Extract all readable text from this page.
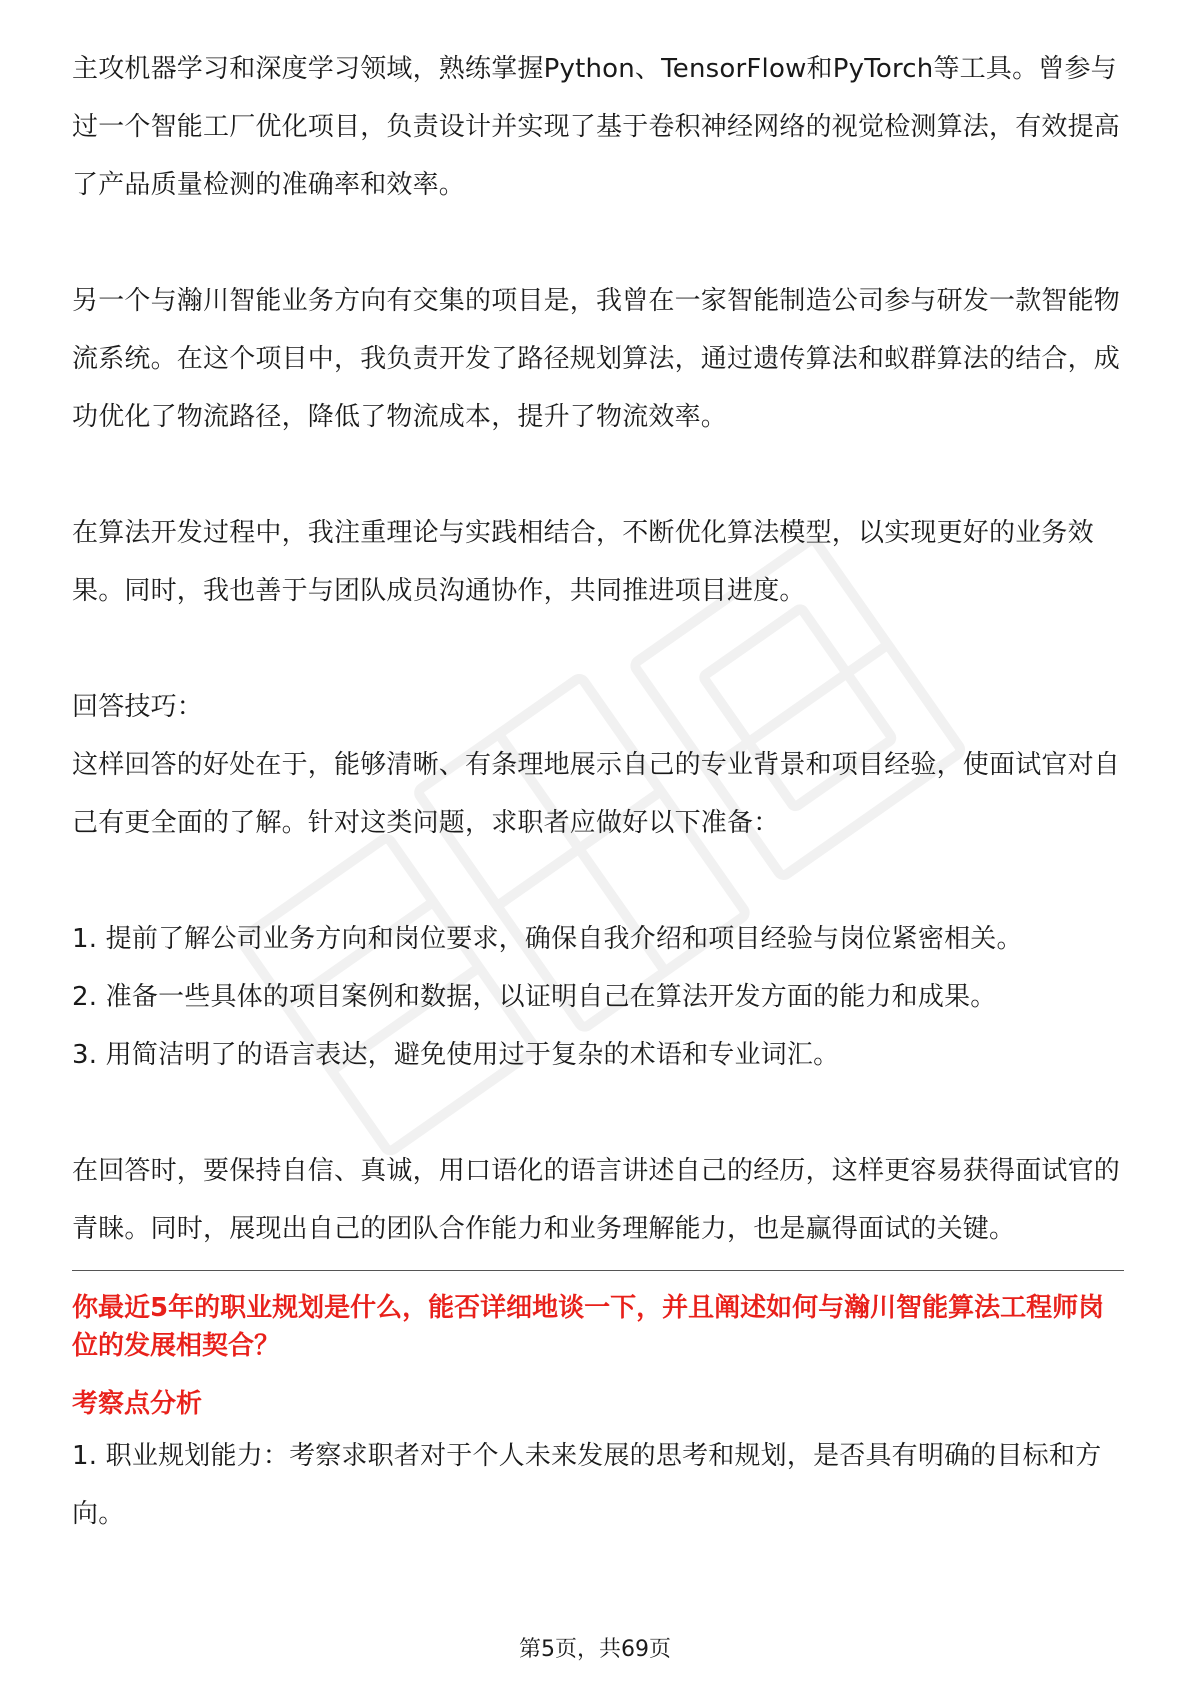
主攻机器学习和深度学习领域，熟练掌握Python、TensorFlow和PyTorch等工具。曾参与过一个智能工厂优化项目，负责设计并实现了基于卷积神经网络的视觉检测算法，有效提高了产品质量检测的准确率和效率。

另一个与瀚川智能业务方向有交集的项目是，我曾在一家智能制造公司参与研发一款智能物流系统。在这个项目中，我负责开发了路径规划算法，通过遗传算法和蚁群算法的结合，成功优化了物流路径，降低了物流成本，提升了物流效率。

在算法开发过程中，我注重理论与实践相结合，不断优化算法模型，以实现更好的业务效果。同时，我也善于与团队成员沟通协作，共同推进项目进度。

回答技巧：

这样回答的好处在于，能够清晰、有条理地展示自己的专业背景和项目经验，使面试官对自己有更全面的了解。针对这类问题，求职者应做好以下准备：

1. 提前了解公司业务方向和岗位要求，确保自我介绍和项目经验与岗位紧密相关。

2. 准备一些具体的项目案例和数据，以证明自己在算法开发方面的能力和成果。

3. 用简洁明了的语言表达，避免使用过于复杂的术语和专业词汇。

在回答时，要保持自信、真诚，用口语化的语言讲述自己的经历，这样更容易获得面试官的青睐。同时，展现出自己的团队合作能力和业务理解能力，也是赢得面试的关键。

你最近5年的职业规划是什么，能否详细地谈一下，并且阐述如何与瀚川智能算法工程师岗位的发展相契合？

考察点分析

1. 职业规划能力：考察求职者对于个人未来发展的思考和规划，是否具有明确的目标和方向。

第5页，共69页
